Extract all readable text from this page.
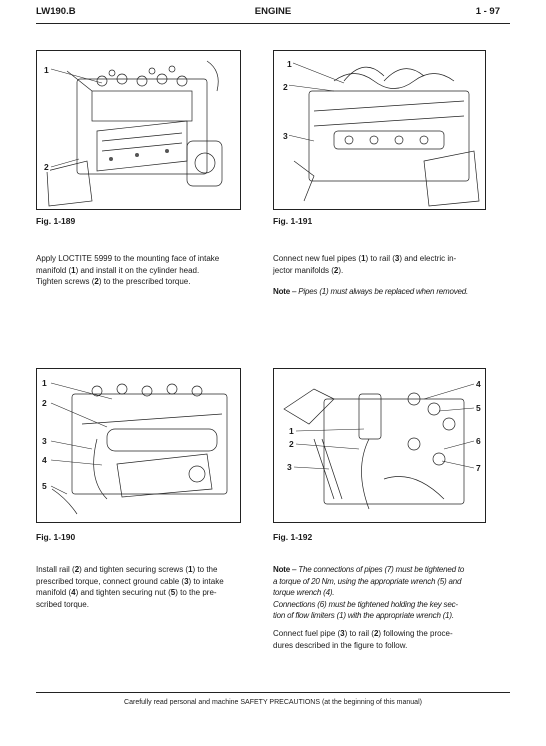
LW190.B	ENGINE	1 - 97
1
2
Fig. 1-189
1
2
3
Fig. 1-191
Apply LOCTITE 5999 to the mounting face of intake
manifold (1) and install it on the cylinder head.
Tighten screws (2) to the prescribed torque.
Connect new fuel pipes (1) to rail (3) and electric in-
jector manifolds (2).
Note – Pipes (1) must always be replaced when removed.
1
2
3
4
5
Fig. 1-190
1
2
3
4
5
6
7
Fig. 1-192
Install rail (2) and tighten securing screws (1) to the
prescribed torque, connect ground cable (3) to intake
manifold (4) and tighten securing nut (5) to the pre-
scribed torque.
Note – The connections of pipes (7) must be tightened to
a torque of 20 Nm, using the appropriate wrench (5) and
torque wrench (4).
Connections (6) must be tightened holding the key sec-
tion of flow limiters (1) with the appropriate wrench (1).
Connect fuel pipe (3) to rail (2) following the proce-
dures described in the figure to follow.
Carefully read personal and machine SAFETY PRECAUTIONS (at the beginning of this manual)
